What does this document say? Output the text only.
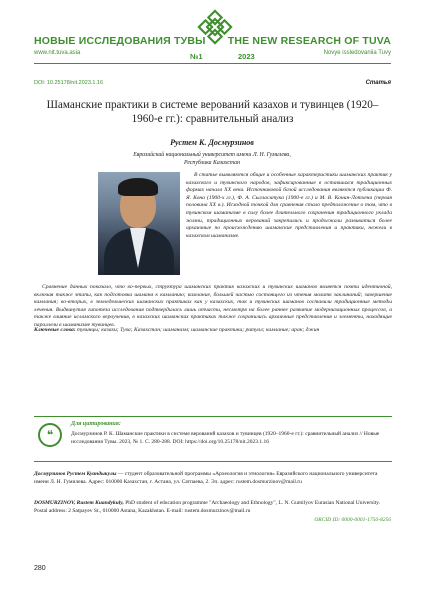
НОВЫЕ ИССЛЕДОВАНИЯ ТУВЫ THE NEW RESEARCH OF TUVA
www.nit.tuva.asia	Novye issledovaniia Tuvy
№1	2023
DOI: 10.25178/nit.2023.1.16	Статья
Шаманские практики в системе верований казахов и тувинцев (1920–1960-е гг.): сравнительный анализ
Рустем К. Досмурзинов
Евразийский национальный университет имени Л. Н. Гумилева,
Республика Казахстан

В статье выявляются общие и особенные характеристики шаманских практик у казахского и тувинского народов, зафиксированные в оставшихся традиционных формах начала XX века. Источниковой базой исследования являются публикации Ф. Я. Кона (1900-х гг.), Ф. А. Сыгласитука (1900-е гг.) и М. В. Конин-Лотхена (первая половина XX в.). Исходной точкой для сравнения стало предположение о том, что в тувинском шаманизме в силу более длительного сохранения традиционного уклада жизни, традиционных верований закрепились и продолжали развиваться более архаичные по происхождению шаманские представления и практики, нежели в казахском шаманизме.

Сравнение данных показало, что во-первых, структура шаманских практик казахских и тувинских шаманов является почти идентичной, включая также этапы, как подготовка шамана к камланию; камлание, большей частью состоящего из чтения молитв заклинаний; завершение камлания; во-вторых, в земледельческих шаманских практиках как у казахских, так и тувинских шаманов составили традиционные методы лечения. Выдвинутая гипотеза исследования подтвердилась лишь отчасти, несмотря на более раннее развитие модернизационных процессов, а также влияние исламского вероучения, в казахских шаманских практиках также сохранились архаичные представления и элементы, находящие параллели в шаманизме тувинцев.

Ключевые слова: тувинцы; казахи; Тува; Казахстан; шаманизм; шаманские практики; ритуал; камлание; арак; джин
❝
Для цитирования:
Досмурзинов Р. К. Шаманские практики в системе верований казахов и тувинцев (1920–1960-е гг.): сравнительный анализ // Новые исследования Тувы. 2023, № 1. С. 280-288. DOI: https://doi.org/10.25178/nit.2023.1.16
Досмурзинов Рустем Куандыкулы — студент образовательной программы «Археология и этнология» Евразийского национального университета имени Л. Н. Гумилева. Адрес: 010000 Казахстан, г. Астана, ул. Сатпаева, 2. Эл. адрес: rustem.dosmurzinov@mail.ru
DOSMURZINOV, Rustem Kuandykuly, PhD student of education programme "Archaeology and Ethnology", L. N. Gumilyov Eurasian National University. Postal address: 2 Satpayev St., 010000 Astana, Kazakhstan. E-mail: rustem.dosmurzinov@mail.ru
ORCID ID: 0000-0001-1756-8256
280
